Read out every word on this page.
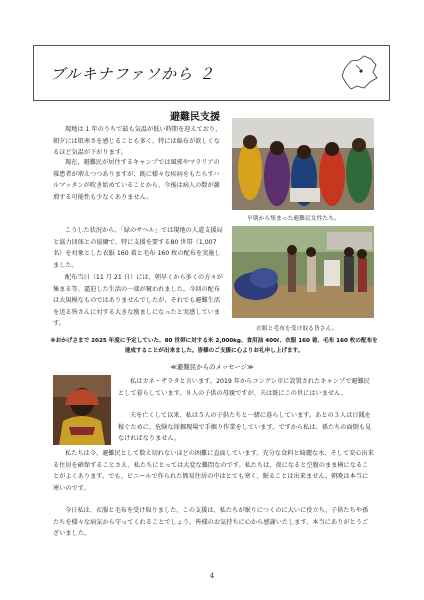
ブルキナファソから ２
避難民支援
現地は 1 年のうちで最も気温が低い時期を迎えており、朝夕には肌寒さを感じることも多く、特には綿布が欲しくなるほど気温が下がります。
現在、避難民が居住するキャンプでは風邪やマラリアの罹患者が増えつつありますが、既に様々な疾病をもたらすハルマッタンが吹き始めていることから、今後は病人の数が激増する可能性も少なくありません。
こうした状況から、「緑のサヘル」では現地の人道支援局と協力団体との協働で、特に支援を要する80 世帯（1,007 名）を対象とした衣服 160 着と毛布 160 枚の配布を実施しました。
配布当日（11 月 21 日）には、朝早くから多くの方々が集まる等、逼迫した生活の一端が窺われました。今回の配布は大規模なものではありませんでしたが、それでも避難生活を送る皆さんに対する大きな励ましになったと実感しています。
早朝から集まった避難民女性たち。
衣服と毛布を受け取る皆さん。
※おかげさまで 2025 年度に予定していた、80 世帯に対する米 2,000kg、食用油 400ℓ、衣服 160 着、毛布 160 枚の配布を達成することが出来ました。皆様のご支援に心よりお礼申し上げます。
≪避難民からのメッセージ≫
私はカネ・ザラタと言います。2019 年からコングシ市に設置されたキャンプで避難民として暮らしています。８人の子供の母親ですが、夫は既にこの世にはいません。
夫を亡くして以来、私は５人の子供たちと一緒に暮らしています。あとの３人は日銭を稼ぐために、危険な採掘現場で手掘り作業をしています。ですから私は、孫たちの面倒も見なければなりません。
私たちは今、避難民として数え切れないほどの困難に直面しています。充分な食料と綺麗な水、そして安心出来る住居を確保することさえ、私たちにとっては大変な難問なのです。私たちは、夜になると空腹のまま横になることがよくあります。でも、ビニールで作られた簡易住居の中はとても寒く、眠ることは出来ません。朝晩は本当に寒いのです。
今日私は、衣服と毛布を受け取りました。この支援は、私たちが眠りにつくのに大いに役立ち、子供たちや孫たちを様々な病気から守ってくれることでしょう。皆様のお気持ちに心から感謝いたします。本当にありがとうございました。
4
